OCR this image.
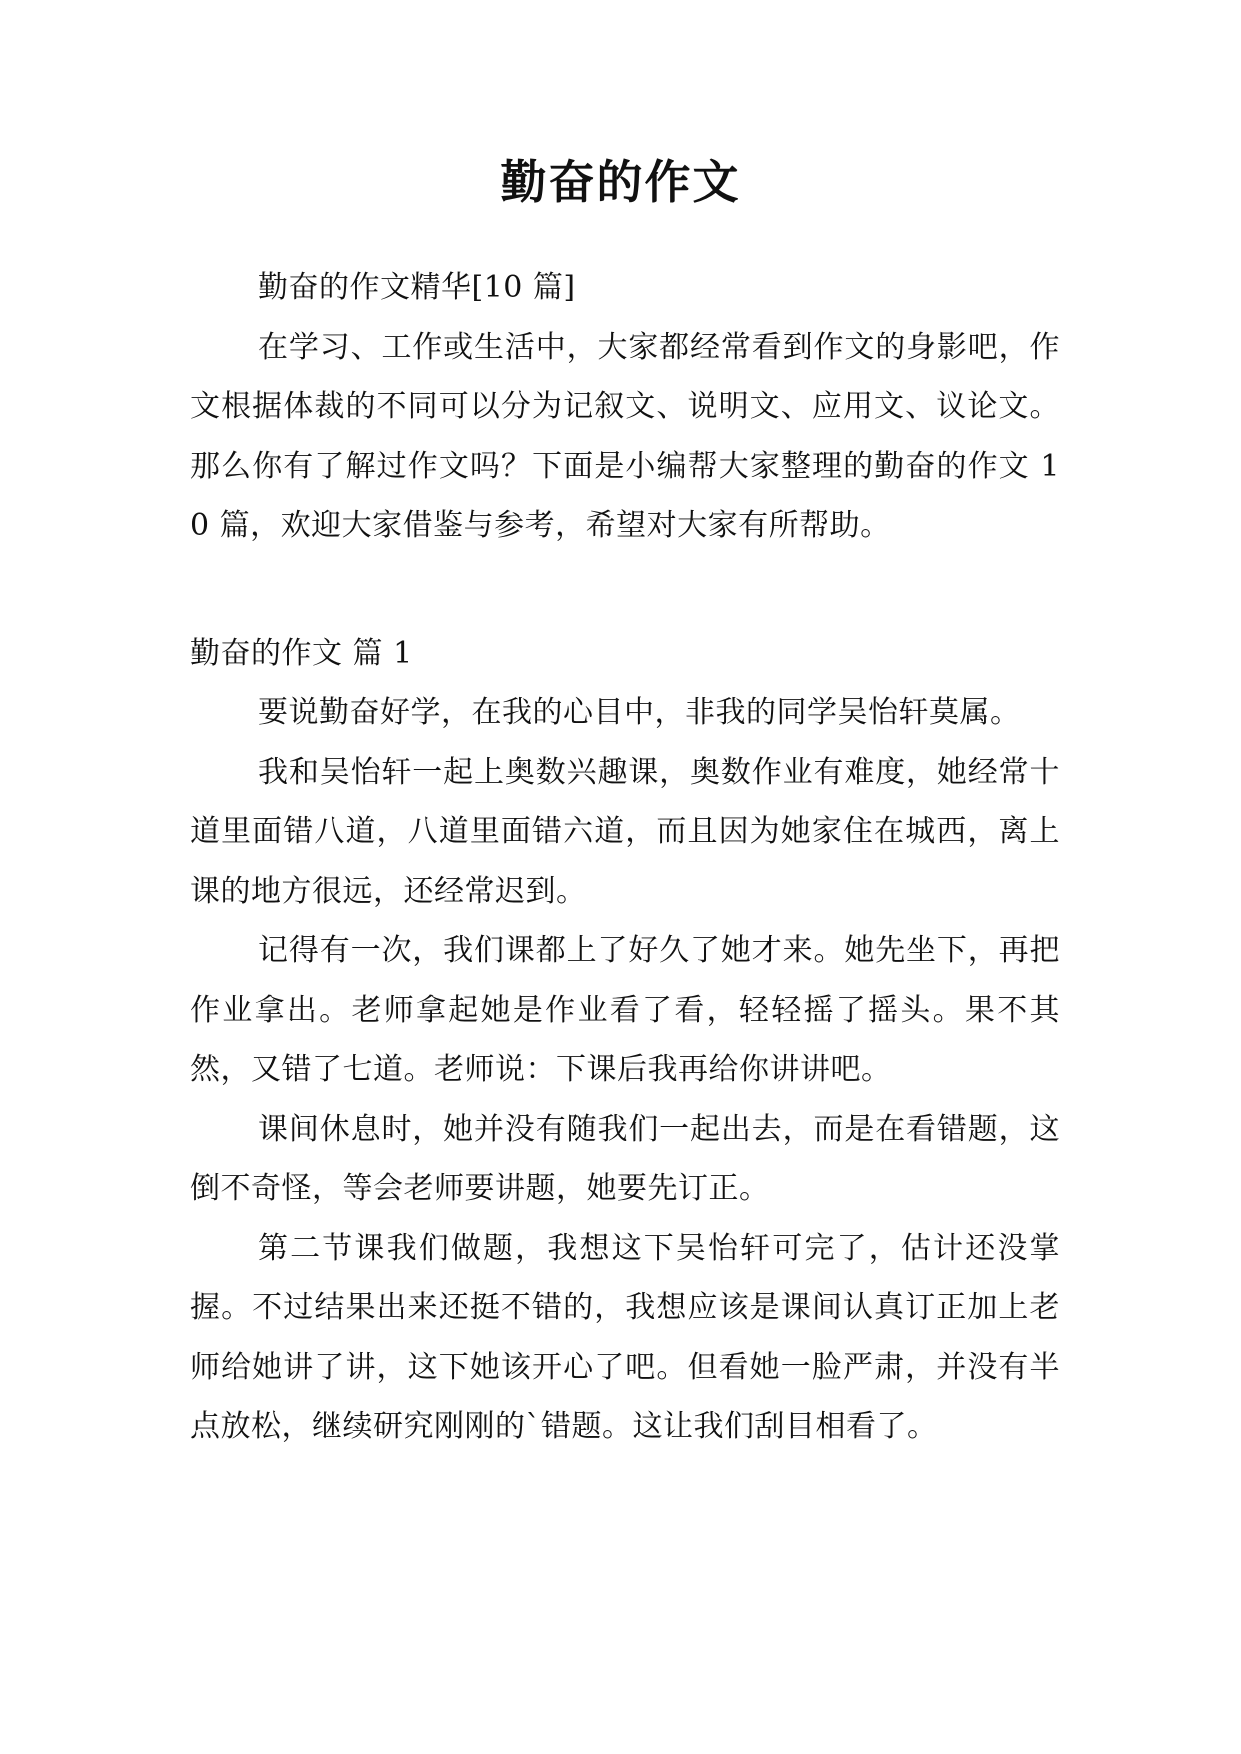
勤奋的作文

勤奋的作文精华[10 篇]

在学习、工作或生活中，大家都经常看到作文的身影吧，作文根据体裁的不同可以分为记叙文、说明文、应用文、议论文。那么你有了解过作文吗？下面是小编帮大家整理的勤奋的作文 10 篇，欢迎大家借鉴与参考，希望对大家有所帮助。

勤奋的作文 篇 1

要说勤奋好学，在我的心目中，非我的同学吴怡轩莫属。

我和吴怡轩一起上奥数兴趣课，奥数作业有难度，她经常十道里面错八道，八道里面错六道，而且因为她家住在城西，离上课的地方很远，还经常迟到。

记得有一次，我们课都上了好久了她才来。她先坐下，再把作业拿出。老师拿起她是作业看了看，轻轻摇了摇头。果不其然，又错了七道。老师说：下课后我再给你讲讲吧。

课间休息时，她并没有随我们一起出去，而是在看错题，这倒不奇怪，等会老师要讲题，她要先订正。

第二节课我们做题，我想这下吴怡轩可完了，估计还没掌握。不过结果出来还挺不错的，我想应该是课间认真订正加上老师给她讲了讲，这下她该开心了吧。但看她一脸严肃，并没有半点放松，继续研究刚刚的`错题。这让我们刮目相看了。
